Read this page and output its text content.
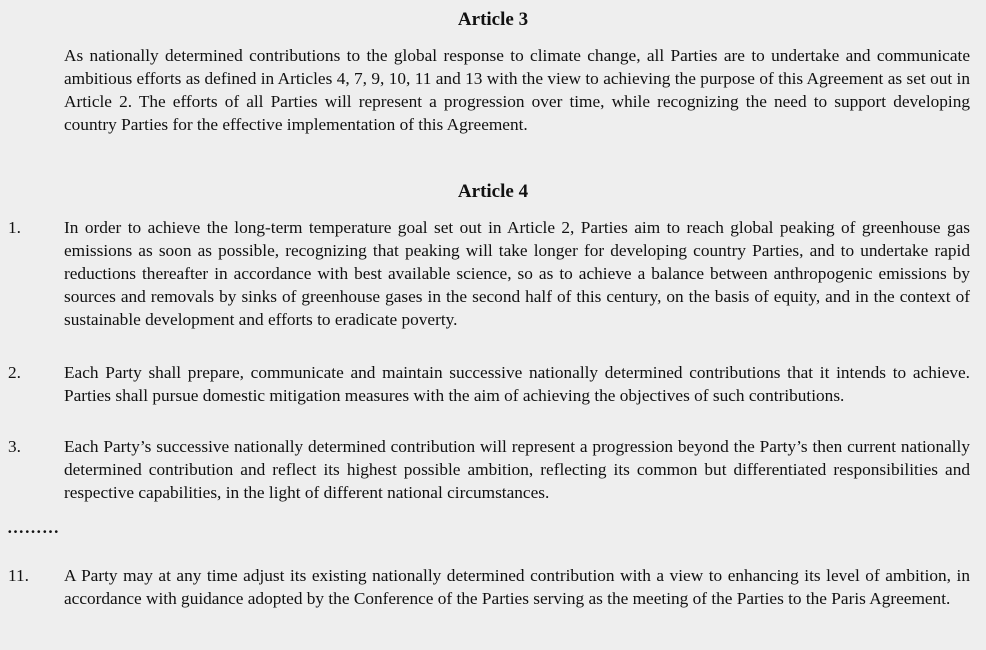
Article 3

As nationally determined contributions to the global response to climate change, all Parties are to undertake and communicate ambitious efforts as defined in Articles 4, 7, 9, 10, 11 and 13 with the view to achieving the purpose of this Agreement as set out in Article 2. The efforts of all Parties will represent a progression over time, while recognizing the need to support developing country Parties for the effective implementation of this Agreement.

Article 4
1. In order to achieve the long-term temperature goal set out in Article 2, Parties aim to reach global peaking of greenhouse gas emissions as soon as possible, recognizing that peaking will take longer for developing country Parties, and to undertake rapid reductions thereafter in accordance with best available science, so as to achieve a balance between anthropogenic emissions by sources and removals by sinks of greenhouse gases in the second half of this century, on the basis of equity, and in the context of sustainable development and efforts to eradicate poverty.

2. Each Party shall prepare, communicate and maintain successive nationally determined contributions that it intends to achieve. Parties shall pursue domestic mitigation measures with the aim of achieving the objectives of such contributions.

3. Each Party’s successive nationally determined contribution will represent a progression beyond the Party’s then current nationally determined contribution and reflect its highest possible ambition, reflecting its common but differentiated responsibilities and respective capabilities, in the light of different national circumstances.

………
11. A Party may at any time adjust its existing nationally determined contribution with a view to enhancing its level of ambition, in accordance with guidance adopted by the Conference of the Parties serving as the meeting of the Parties to the Paris Agreement.
